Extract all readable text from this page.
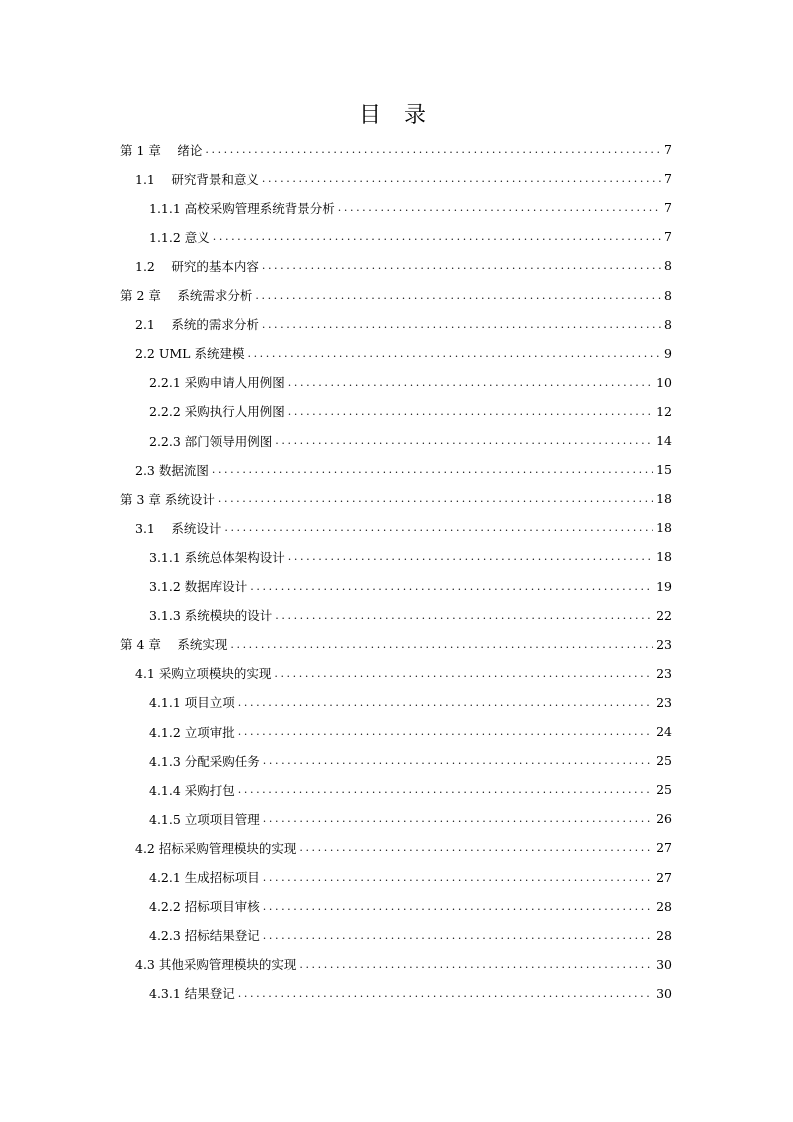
目 录
第 1 章　 绪论 .....	7
1.1　 研究背景和意义 .....	7
1.1.1 高校采购管理系统背景分析 .....	7
1.1.2 意义 .....	7
1.2　 研究的基本内容 .....	8
第 2 章　 系统需求分析 .....	8
2.1　 系统的需求分析 .....	8
2.2 UML 系统建模 .....	9
2.2.1 采购申请人用例图 .....	10
2.2.2 采购执行人用例图 .....	12
2.2.3 部门领导用例图 .....	14
2.3 数据流图 .....	15
第 3 章 系统设计 .....	18
3.1　 系统设计 .....	18
3.1.1 系统总体架构设计 .....	18
3.1.2 数据库设计 .....	19
3.1.3 系统模块的设计 .....	22
第 4 章　 系统实现 .....	23
4.1 采购立项模块的实现 .....	23
4.1.1 项目立项 .....	23
4.1.2 立项审批 .....	24
4.1.3 分配采购任务 .....	25
4.1.4 采购打包 .....	25
4.1.5 立项项目管理 .....	26
4.2 招标采购管理模块的实现 .....	27
4.2.1 生成招标项目 .....	27
4.2.2 招标项目审核 .....	28
4.2.3 招标结果登记 .....	28
4.3 其他采购管理模块的实现 .....	30
4.3.1 结果登记 .....	30
